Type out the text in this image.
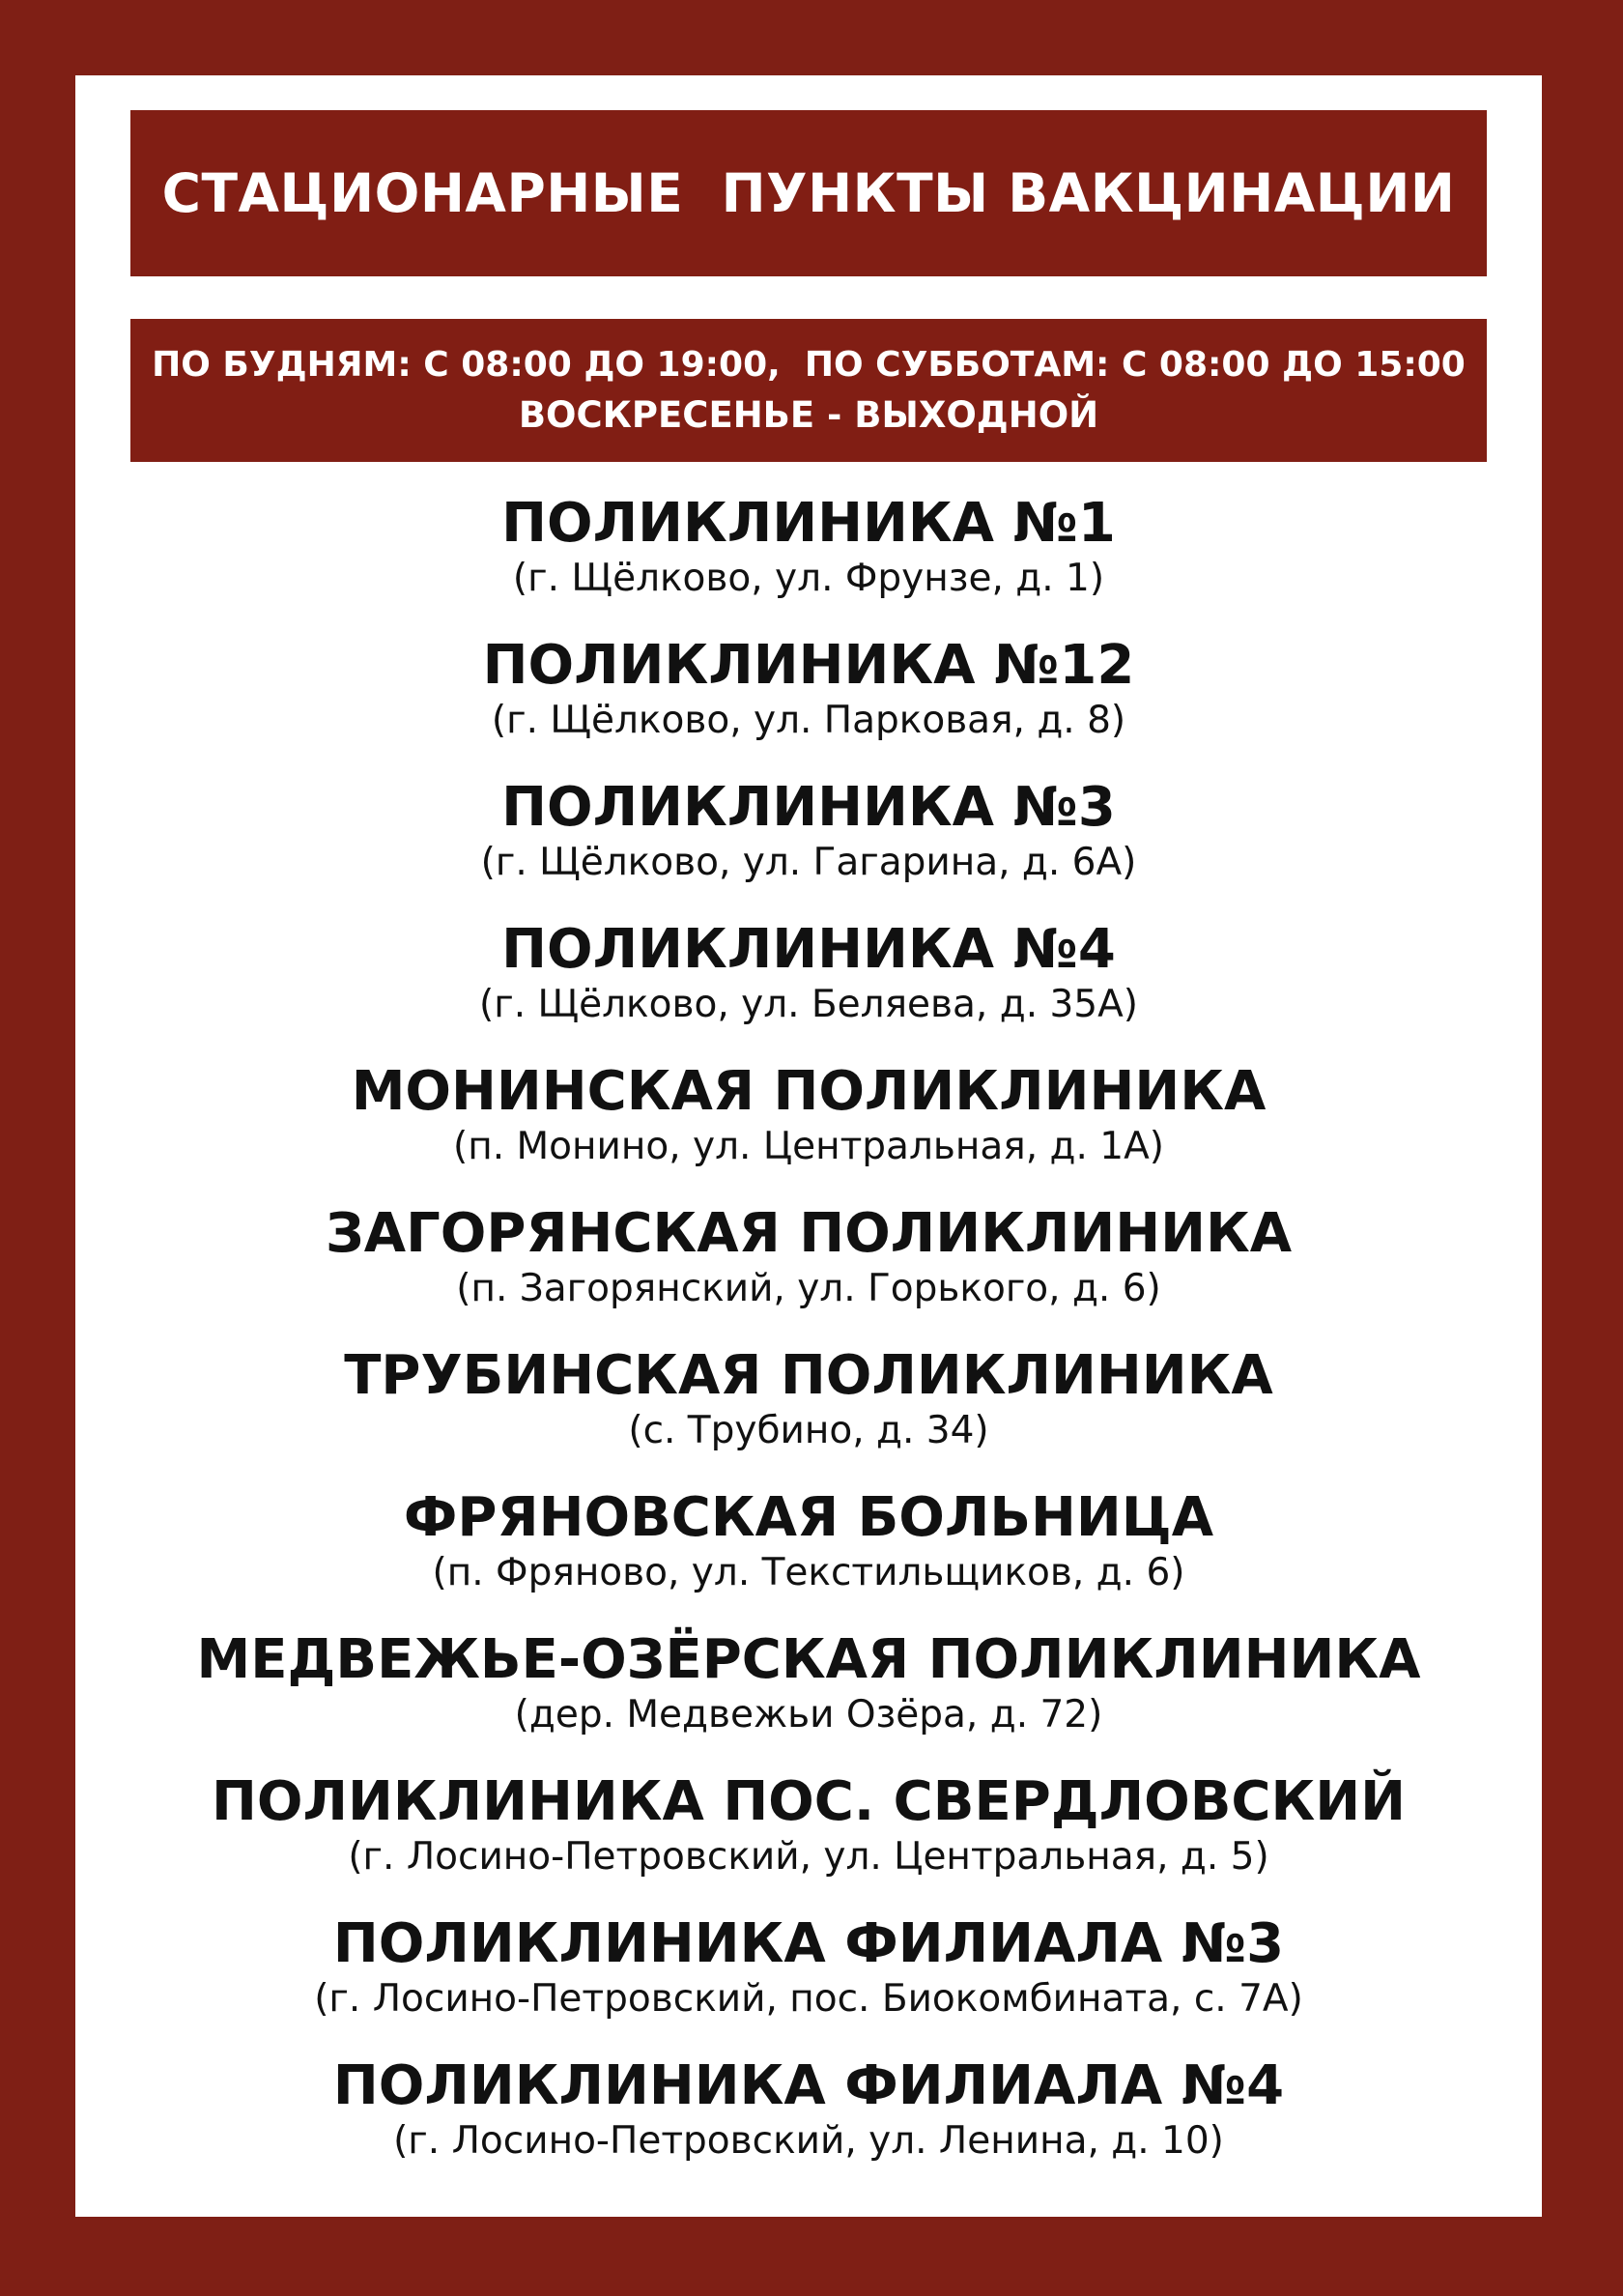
СТАЦИОНАРНЫЕ  ПУНКТЫ ВАКЦИНАЦИИ
ПО БУДНЯМ: С 08:00 ДО 19:00,  ПО СУББОТАМ: С 08:00 ДО 15:00
ВОСКРЕСЕНЬЕ - ВЫХОДНОЙ
ПОЛИКЛИНИКА №1
(г. Щёлково, ул. Фрунзе, д. 1)
ПОЛИКЛИНИКА №12
(г. Щёлково, ул. Парковая, д. 8)
ПОЛИКЛИНИКА №3
(г. Щёлково, ул. Гагарина, д. 6А)
ПОЛИКЛИНИКА №4
(г. Щёлково, ул. Беляева, д. 35А)
МОНИНСКАЯ ПОЛИКЛИНИКА
(п. Монино, ул. Центральная, д. 1А)
ЗАГОРЯНСКАЯ ПОЛИКЛИНИКА
(п. Загорянский, ул. Горького, д. 6)
ТРУБИНСКАЯ ПОЛИКЛИНИКА
(с. Трубино, д. 34)
ФРЯНОВСКАЯ БОЛЬНИЦА
(п. Фряново, ул. Текстильщиков, д. 6)
МЕДВЕЖЬЕ-ОЗЁРСКАЯ ПОЛИКЛИНИКА
(дер. Медвежьи Озёра, д. 72)
ПОЛИКЛИНИКА ПОС. СВЕРДЛОВСКИЙ
(г. Лосино-Петровский, ул. Центральная, д. 5)
ПОЛИКЛИНИКА ФИЛИАЛА №3
(г. Лосино-Петровский, пос. Биокомбината, с. 7А)
ПОЛИКЛИНИКА ФИЛИАЛА №4
(г. Лосино-Петровский, ул. Ленина, д. 10)
